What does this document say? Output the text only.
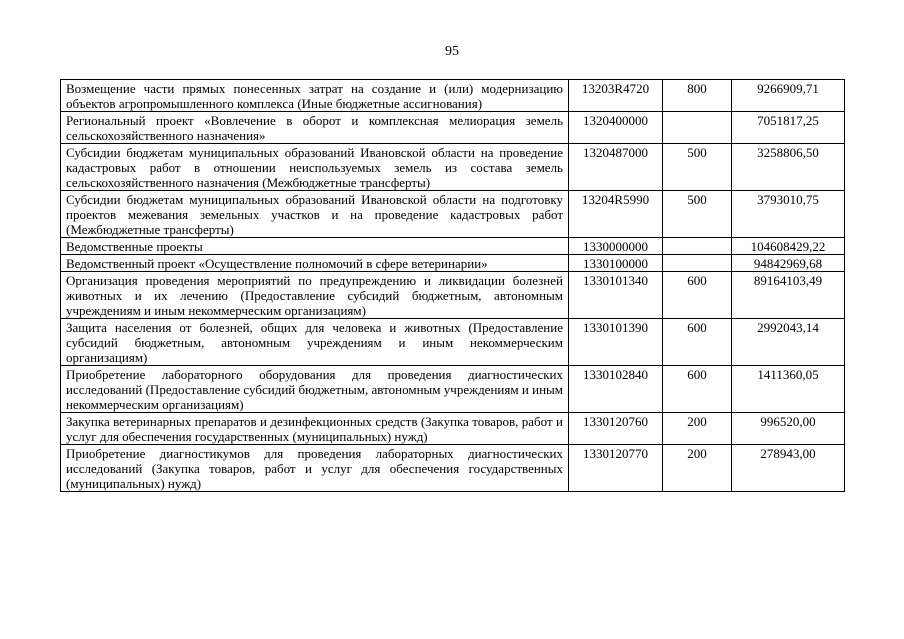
95
Возмещение части прямых понесенных затрат на создание и (или) модернизацию объектов агропромышленного комплекса (Иные бюджетные ассигнования)	13203R4720	800	9266909,71
Региональный проект «Вовлечение в оборот и комплексная мелиорация земель сельскохозяйственного назначения»	1320400000		7051817,25
Субсидии бюджетам муниципальных образований Ивановской области на проведение кадастровых работ в отношении неиспользуемых земель из состава земель сельскохозяйственного назначения (Межбюджетные трансферты)	1320487000	500	3258806,50
Субсидии бюджетам муниципальных образований Ивановской области на подготовку проектов межевания земельных участков и на проведение кадастровых работ (Межбюджетные трансферты)	13204R5990	500	3793010,75
Ведомственные проекты	1330000000		104608429,22
Ведомственный проект «Осуществление полномочий в сфере ветеринарии»	1330100000		94842969,68
Организация проведения мероприятий по предупреждению и ликвидации болезней животных и их лечению (Предоставление субсидий бюджетным, автономным учреждениям и иным некоммерческим организациям)	1330101340	600	89164103,49
Защита населения от болезней, общих для человека и животных (Предоставление субсидий бюджетным, автономным учреждениям и иным некоммерческим организациям)	1330101390	600	2992043,14
Приобретение лабораторного оборудования для проведения диагностических исследований (Предоставление субсидий бюджетным, автономным учреждениям и иным некоммерческим организациям)	1330102840	600	1411360,05
Закупка ветеринарных препаратов и дезинфекционных средств (Закупка товаров, работ и услуг для обеспечения государственных (муниципальных) нужд)	1330120760	200	996520,00
Приобретение диагностикумов для проведения лабораторных диагностических исследований (Закупка товаров, работ и услуг для обеспечения государственных (муниципальных) нужд)	1330120770	200	278943,00
